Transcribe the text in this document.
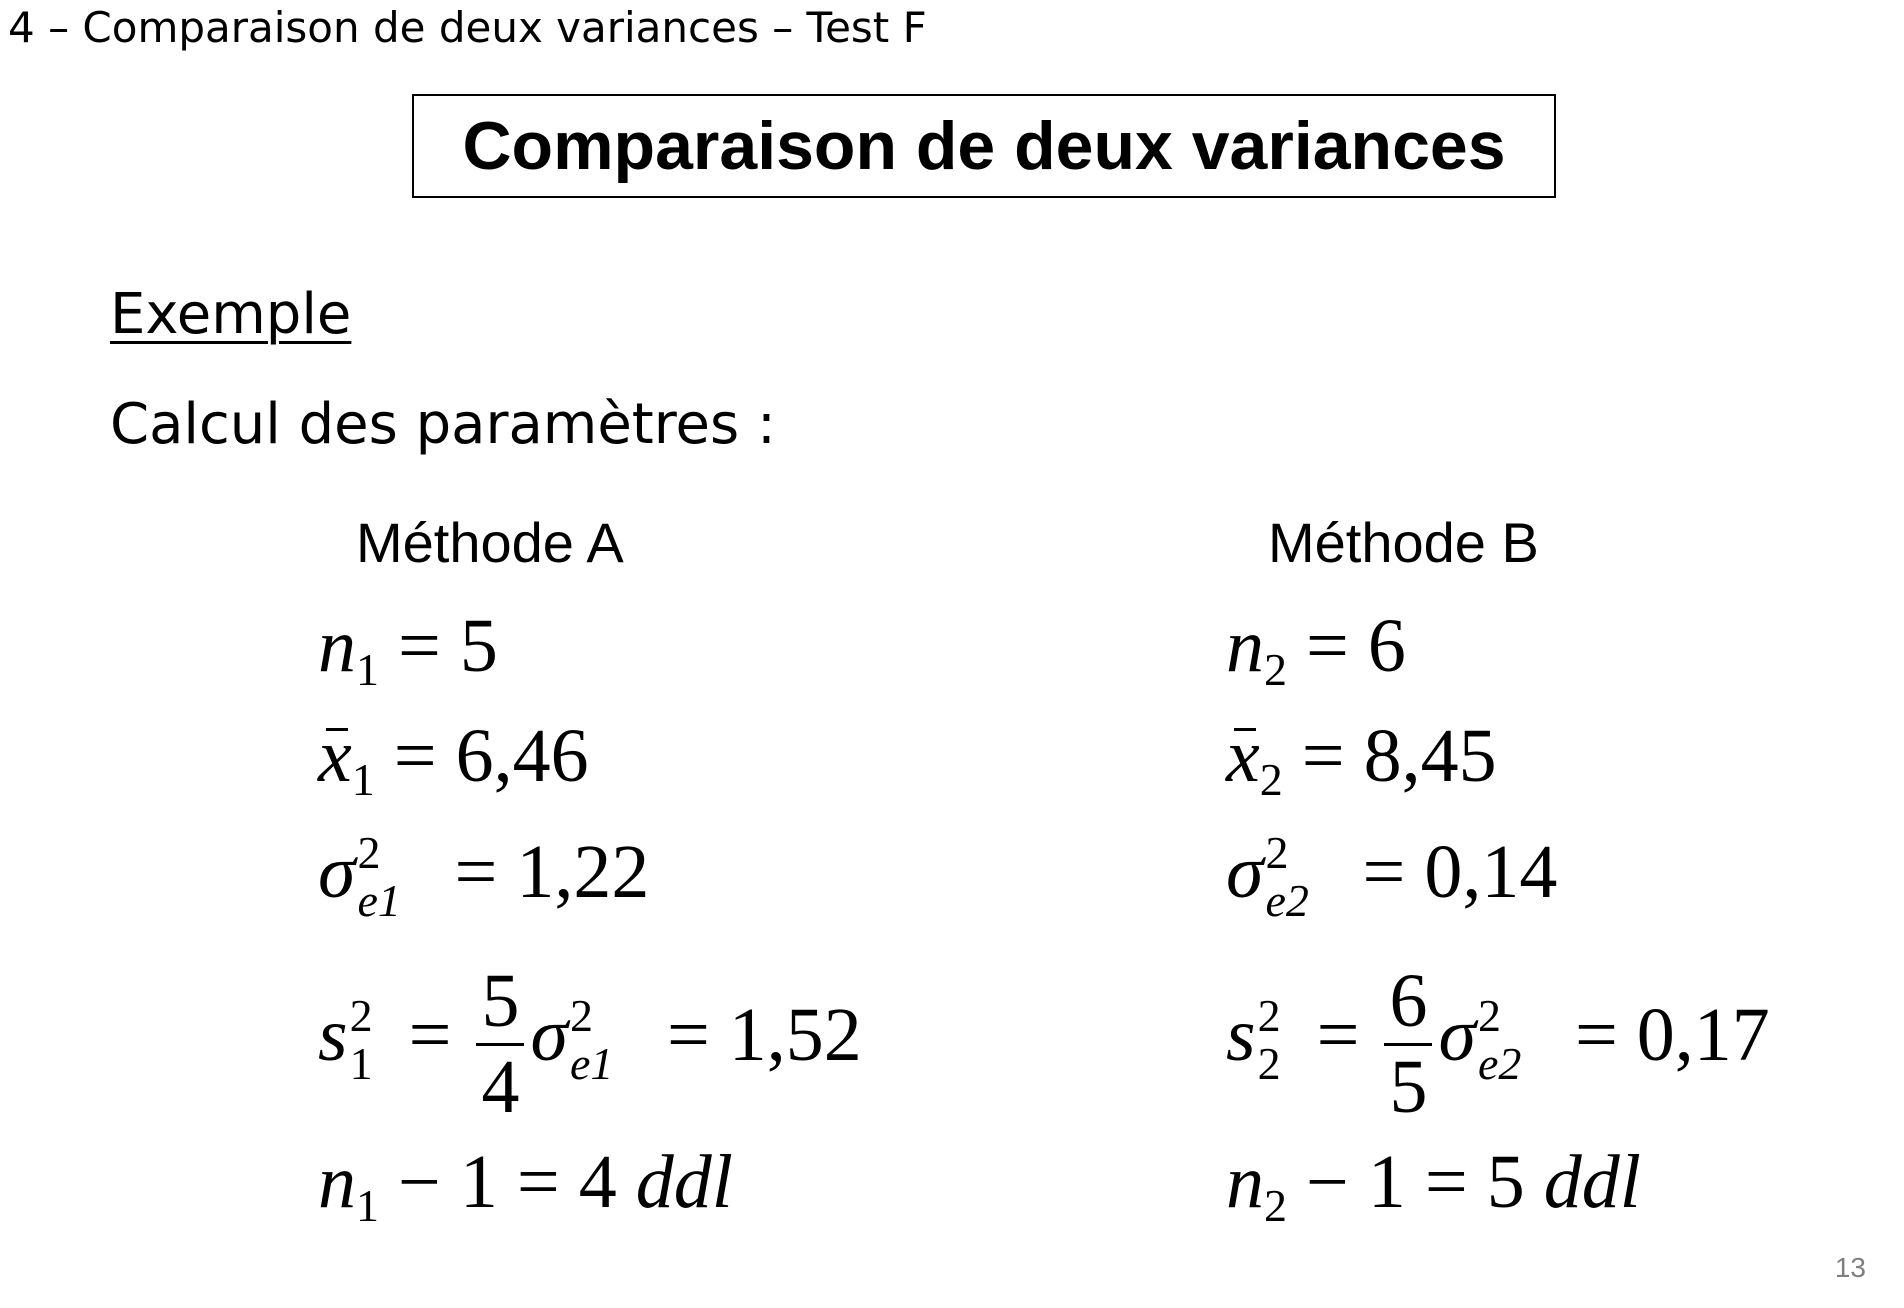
4 – Comparaison de deux variances – Test F
Comparaison de deux variances
Exemple
Calcul des paramètres :
Méthode A
$n_1 = 5$
$x_1 = 6,46$
σ 2
e1 = 1,22
s 2
$1 = \frac{5}{4}$ σ 2
e1 = 1,52
$n_1 - 1 = 4$ ddl
Méthode B
$n_2 = 6$
$x_2 = 8,45$
σ 2
e2 = 0,14
s 2
$2 = \frac{6}{5}$ σ 2
e2 = 0,17
$n_2 - 1 = 5$ ddl
13
